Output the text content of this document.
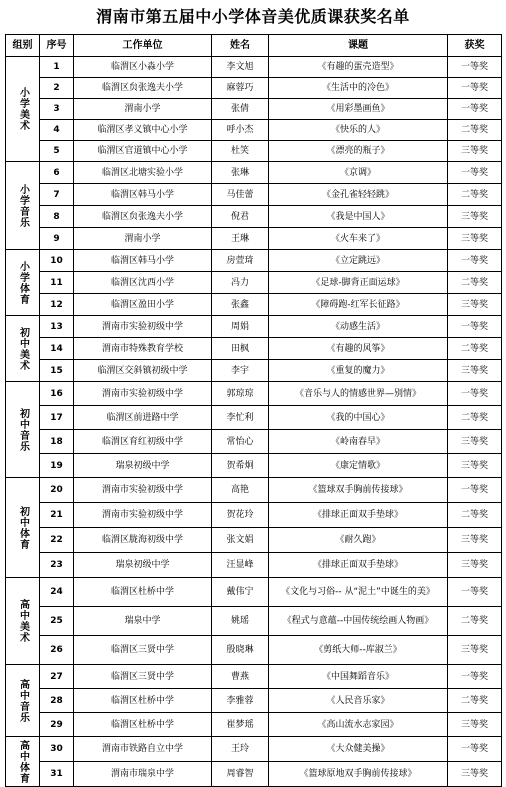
渭南市第五届中小学体音美优质课获奖名单
组别	序号	工作单位	姓名	课题	获奖
小学美术	1	临渭区小淼小学	李文旭	《有趣的蛋壳造型》	一等奖
	2	临渭区贠张逸夫小学	麻蓉巧	《生活中的冷色》	一等奖
	3	渭南小学	张倩	《用彩墨画鱼》	一等奖
	4	临渭区孝义镇中心小学	呼小杰	《快乐的人》	二等奖
	5	临渭区官道镇中心小学	杜笑	《漂亮的瓶子》	三等奖
小学音乐	6	临渭区北塘实验小学	张琳	《京调》	一等奖
	7	临渭区韩马小学	马佳蕾	《金孔雀轻轻跳》	二等奖
	8	临渭区贠张逸夫小学	倪君	《我是中国人》	三等奖
	9	渭南小学	王琳	《火车来了》	三等奖
小学体育	10	临渭区韩马小学	房萱琦	《立定跳远》	一等奖
	11	临渭区沈西小学	冯力	《足球-脚背正面运球》	二等奖
	12	临渭区盈田小学	张鑫	《障碍跑-红军长征路》	三等奖
初中美术	13	渭南市实验初级中学	周娟	《动感生活》	一等奖
	14	渭南市特殊教育学校	田枫	《有趣的风筝》	二等奖
	15	临渭区交斜镇初级中学	李宇	《重复的魔力》	三等奖
初中音乐	16	渭南市实验初级中学	郭琼琼	《音乐与人的情感世界—别情》	一等奖
	17	临渭区前进路中学	李忙利	《我的中国心》	二等奖
	18	临渭区育红初级中学	常怡心	《岭南春早》	三等奖
	19	瑞泉初级中学	贺希炯	《康定情歌》	三等奖
初中体育	20	渭南市实验初级中学	高艳	《篮球双手胸前传接球》	一等奖
	21	渭南市实验初级中学	贺花玲	《排球正面双手垫球》	二等奖
	22	临渭区胧海初级中学	张文娟	《耐久跑》	三等奖
	23	瑞泉初级中学	汪显峰	《排球正面双手垫球》	三等奖
高中美术	24	临渭区杜桥中学	戴伟宁	《文化与习俗-- 从“泥土”中诞生的美》	一等奖
	25	瑞泉中学	姚瑶	《程式与意蕴--中国传统绘画人物画》	二等奖
	26	临渭区三贤中学	殷晓琳	《剪纸大师--库淑兰》	三等奖
高中音乐	27	临渭区三贤中学	曹燕	《中国舞蹈音乐》	一等奖
	28	临渭区杜桥中学	李雅蓉	《人民音乐家》	二等奖
	29	临渭区杜桥中学	崔梦瑶	《高山流水志家园》	三等奖
高中体育	30	渭南市铁路自立中学	王玲	《大众健美操》	一等奖
	31	渭南市瑞泉中学	周睿智	《篮球原地双手胸前传接球》	三等奖
